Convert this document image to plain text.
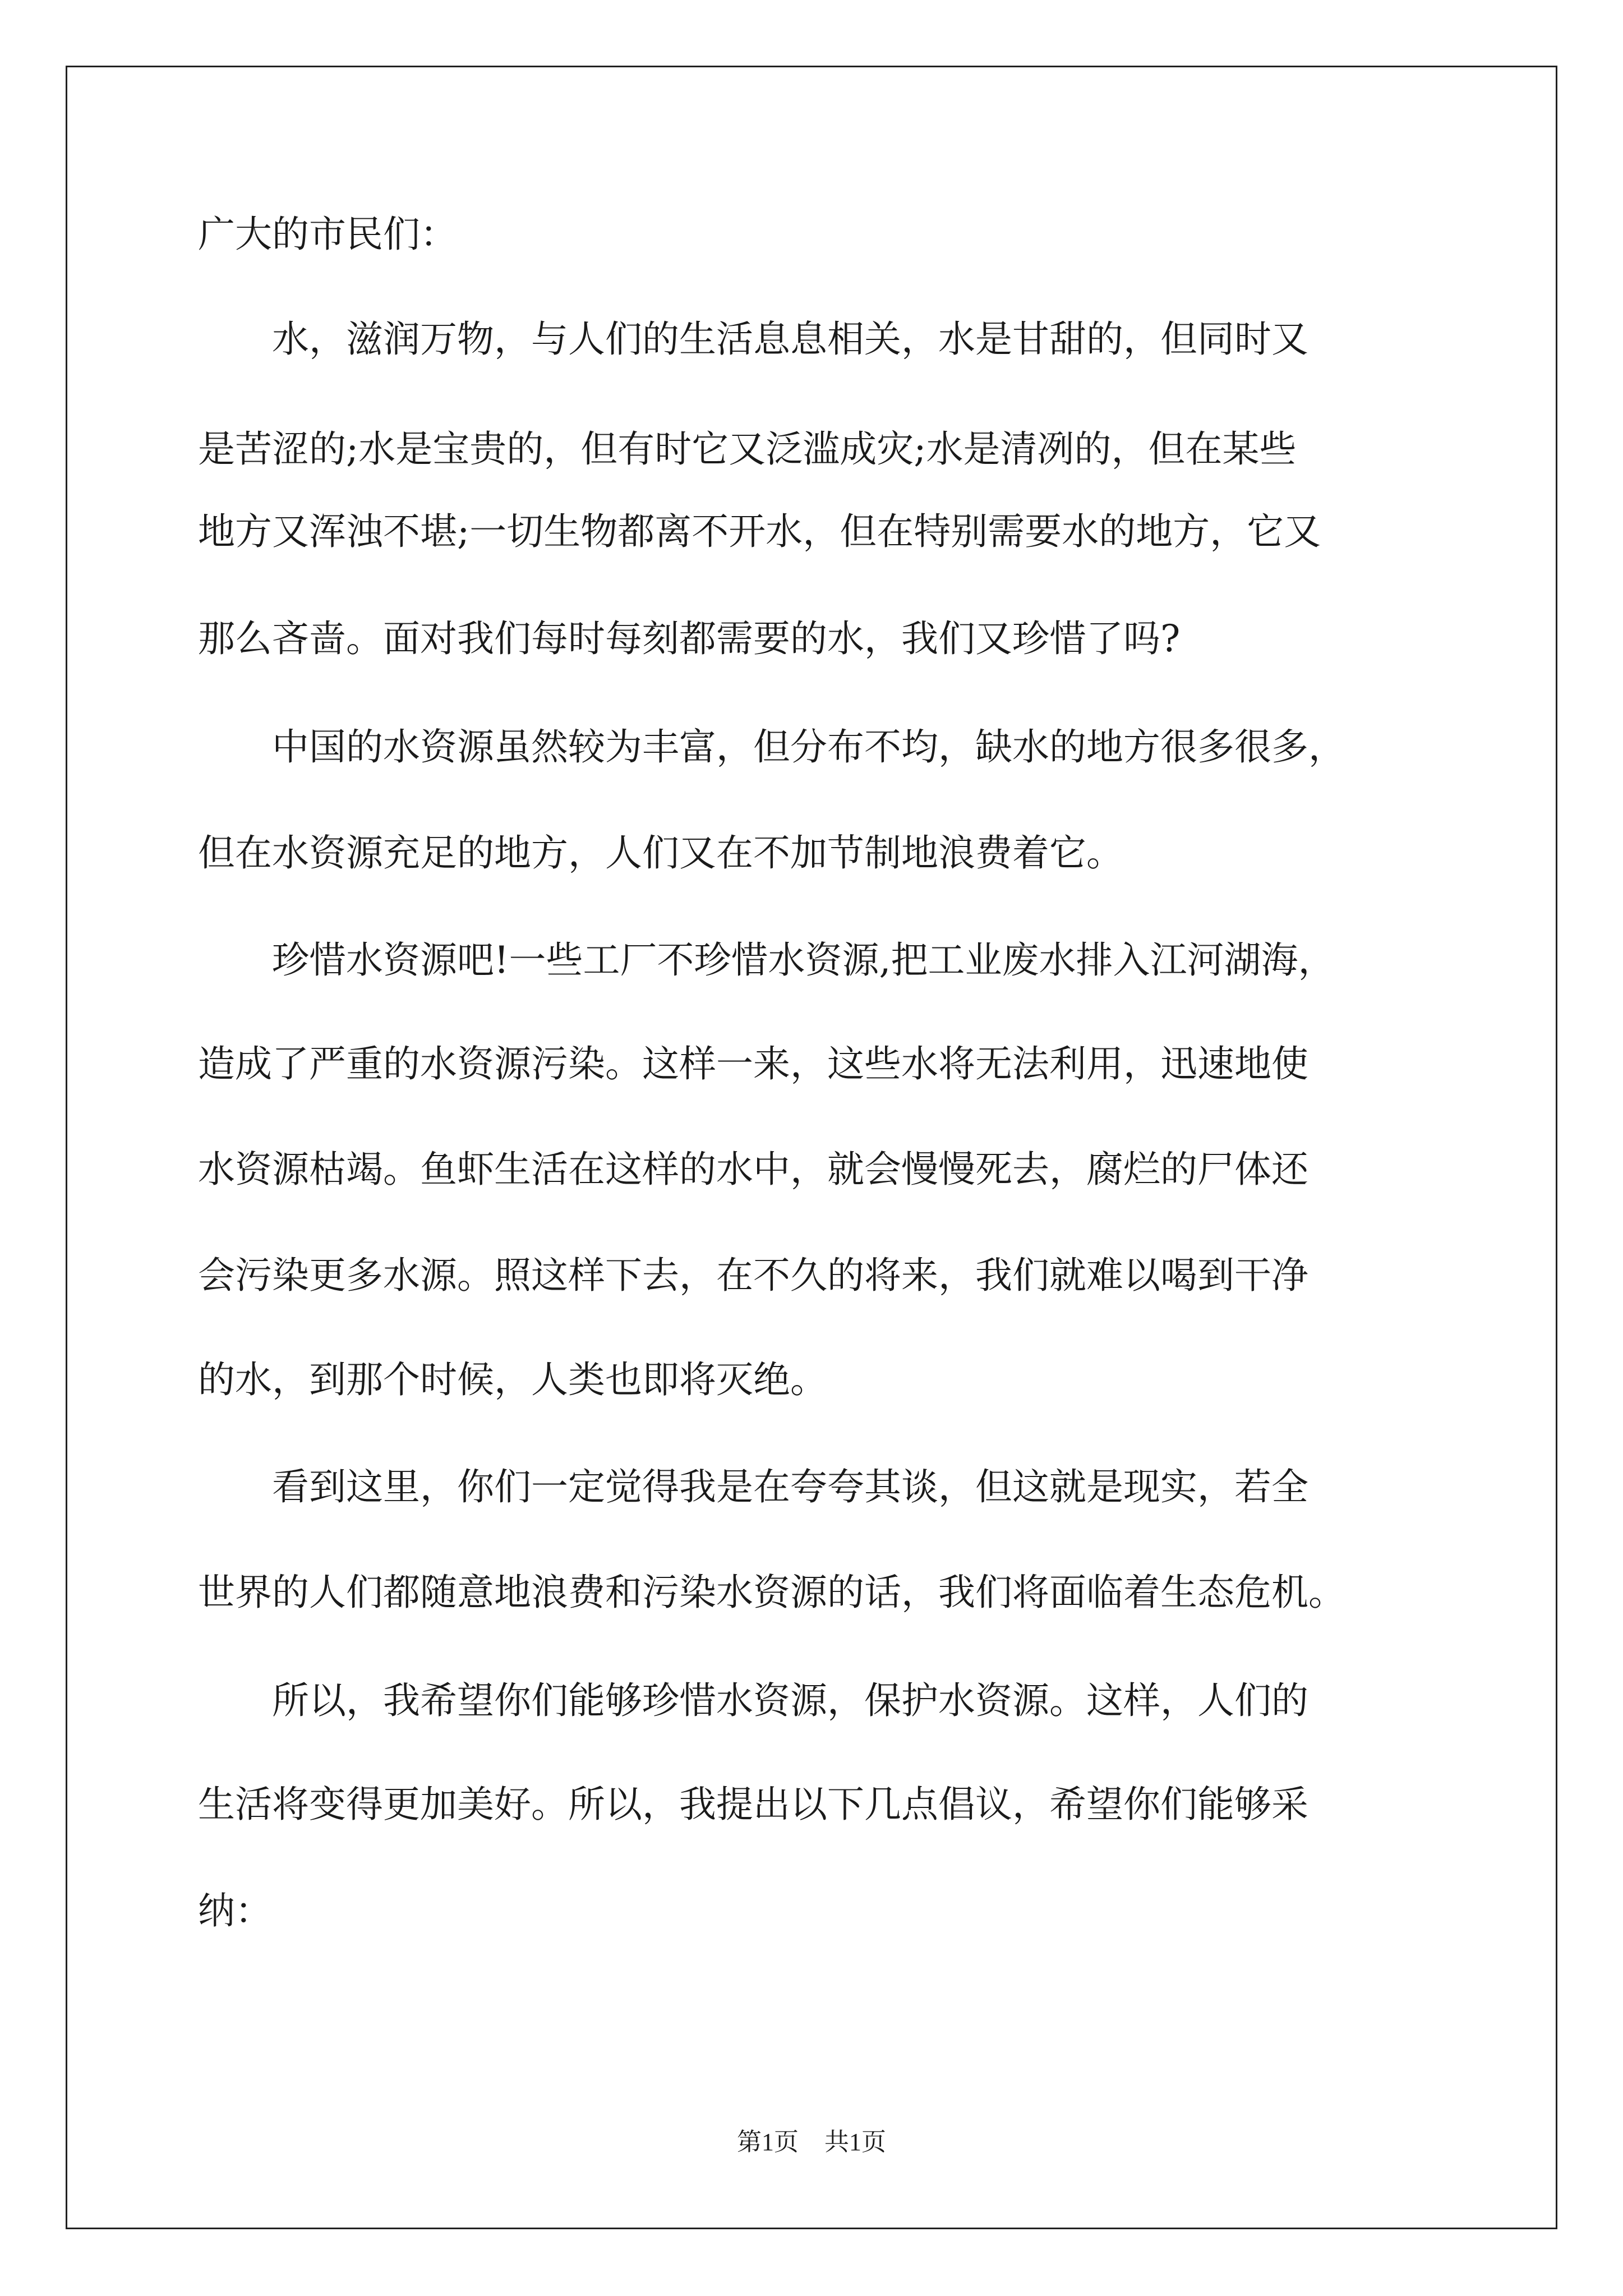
广大的市民们：
　　水，滋润万物，与人们的生活息息相关，水是甘甜的，但同时又
是苦涩的;水是宝贵的，但有时它又泛滥成灾;水是清冽的，但在某些
地方又浑浊不堪;一切生物都离不开水，但在特别需要水的地方，它又
那么吝啬。面对我们每时每刻都需要的水，我们又珍惜了吗?
　　中国的水资源虽然较为丰富，但分布不均，缺水的地方很多很多，
但在水资源充足的地方，人们又在不加节制地浪费着它。
　　珍惜水资源吧!一些工厂不珍惜水资源,把工业废水排入江河湖海，
造成了严重的水资源污染。这样一来，这些水将无法利用，迅速地使
水资源枯竭。鱼虾生活在这样的水中，就会慢慢死去，腐烂的尸体还
会污染更多水源。照这样下去，在不久的将来，我们就难以喝到干净
的水，到那个时候，人类也即将灭绝。
　　看到这里，你们一定觉得我是在夸夸其谈，但这就是现实，若全
世界的人们都随意地浪费和污染水资源的话，我们将面临着生态危机。
　　所以，我希望你们能够珍惜水资源，保护水资源。这样，人们的
生活将变得更加美好。所以，我提出以下几点倡议，希望你们能够采
纳：
第1页 共1页
